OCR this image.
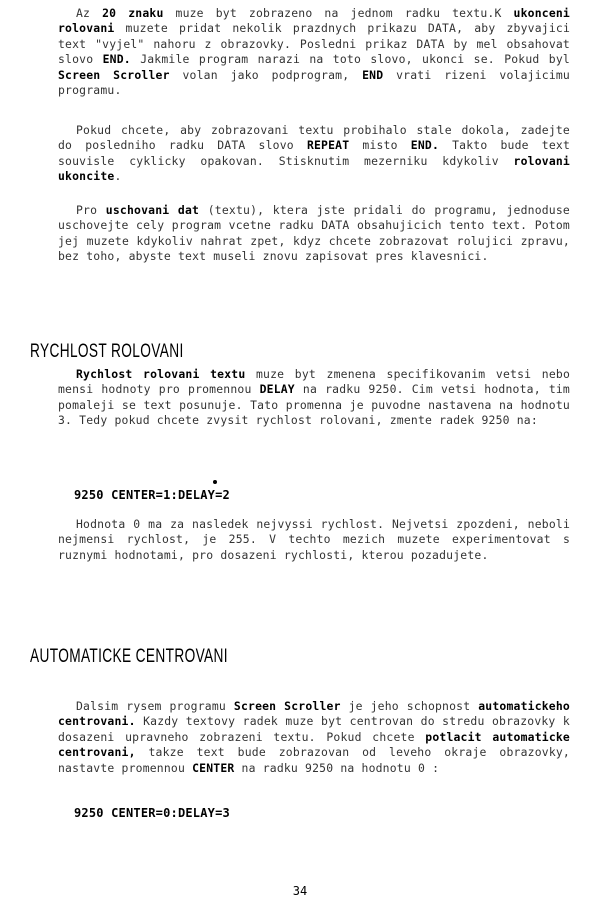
Az 20 znaku muze byt zobrazeno na jednom radku textu.K ukonceni rolovani muzete pridat nekolik prazdnych prikazu DATA, aby zbyvajici text "vyjel" nahoru z obrazovky. Posledni prikaz DATA by mel obsahovat slovo END. Jakmile program narazi na toto slovo, ukonci se. Pokud byl Screen Scroller volan jako podprogram, END vrati rizeni volajicimu programu.

Pokud chcete, aby zobrazovani textu probihalo stale dokola, zadejte do posledniho radku DATA slovo REPEAT misto END. Takto bude text souvisle cyklicky opakovan. Stisknutim mezerniku kdykoliv rolovani ukoncite.

Pro uschovani dat (textu), ktera jste pridali do programu, jednoduse uschovejte cely program vcetne radku DATA obsahujicich tento text. Potom jej muzete kdykoliv nahrat zpet, kdyz chcete zobrazovat rolujici zpravu, bez toho, abyste text museli znovu zapisovat pres klavesnici.

RYCHLOST ROLOVANI

Rychlost rolovani textu muze byt zmenena specifikovanim vetsi nebo mensi hodnoty pro promennou DELAY na radku 9250. Cim vetsi hodnota, tim pomaleji se text posunuje. Tato promenna je puvodne nastavena na hodnotu 3. Tedy pokud chcete zvysit rychlost rolovani, zmente radek 9250 na:

9250 CENTER=1:DELAY=2

Hodnota 0 ma za nasledek nejvyssi rychlost. Nejvetsi zpozdeni, neboli nejmensi rychlost, je 255. V techto mezich muzete experimentovat s ruznymi hodnotami, pro dosazeni rychlosti, kterou pozadujete.

AUTOMATICKE CENTROVANI

Dalsim rysem programu Screen Scroller je jeho schopnost automatickeho centrovani. Kazdy textovy radek muze byt centrovan do stredu obrazovky k dosazeni upravneho zobrazeni textu. Pokud chcete potlacit automaticke centrovani, takze text bude zobrazovan od leveho okraje obrazovky, nastavte promennou CENTER na radku 9250 na hodnotu 0 :

9250 CENTER=0:DELAY=3
34
